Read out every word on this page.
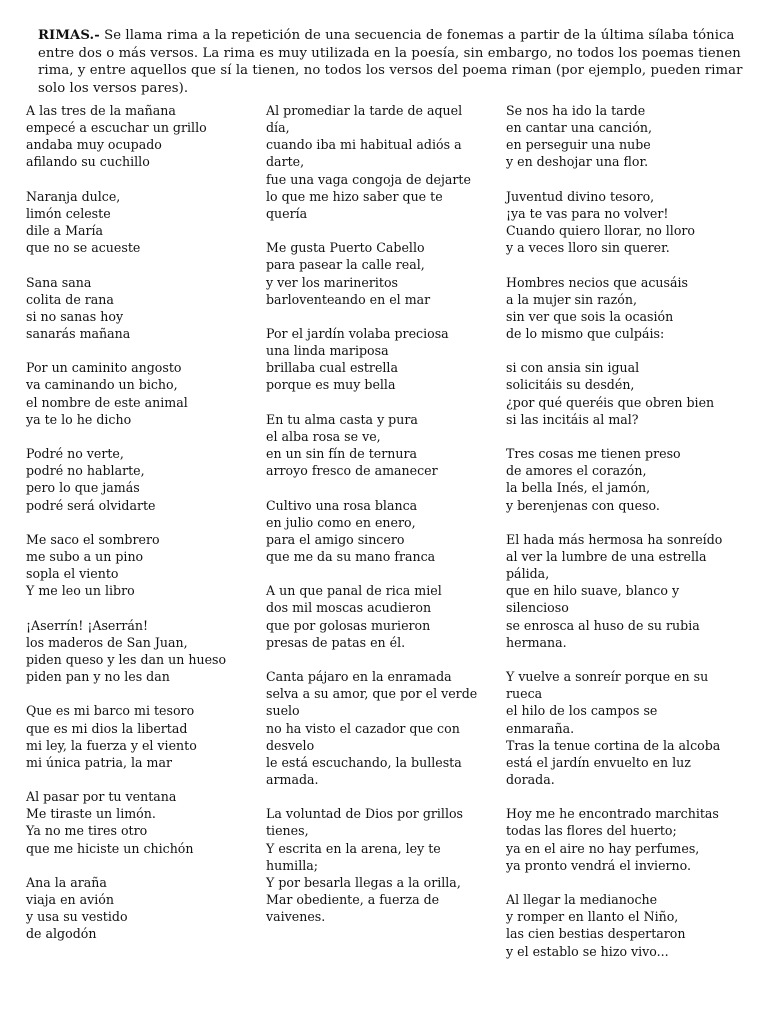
RIMAS.- Se llama rima a la repetición de una secuencia de fonemas a partir de la última sílaba tónica entre dos o más versos. La rima es muy utilizada en la poesía, sin embargo, no todos los poemas tienen rima, y entre aquellos que sí la tienen, no todos los versos del poema riman (por ejemplo, pueden rimar solo los versos pares).

A las tres de la mañana
empecé a escuchar un grillo
andaba muy ocupado
afilando su cuchillo
Naranja dulce,
limón celeste
dile a María
que no se acueste
Sana sana
colita de rana
si no sanas hoy
sanarás mañana
Por un caminito angosto
va caminando un bicho,
el nombre de este animal
ya te lo he dicho
Podré no verte,
podré no hablarte,
pero lo que jamás
podré será olvidarte
Me saco el sombrero
me subo a un pino
sopla el viento
Y me leo un libro
¡Aserrín! ¡Aserrán!
los maderos de San Juan,
piden queso y les dan un hueso
piden pan y no les dan
Que es mi barco mi tesoro
que es mi dios la libertad
mi ley, la fuerza y el viento
mi única patria, la mar
Al pasar por tu ventana
Me tiraste un limón.
Ya no me tires otro
que me hiciste un chichón
Ana la araña
viaja en avión
y usa su vestido
de algodón
Al promediar la tarde de aquel
día,
cuando iba mi habitual adiós a
darte,
fue una vaga congoja de dejarte
lo que me hizo saber que te
quería
Me gusta Puerto Cabello
para pasear la calle real,
y ver los marineritos
barloventeando en el mar
Por el jardín volaba preciosa
una linda mariposa
brillaba cual estrella
porque es muy bella
En tu alma casta y pura
el alba rosa se ve,
en un sin fín de ternura
arroyo fresco de amanecer
Cultivo una rosa blanca
en julio como en enero,
para el amigo sincero
que me da su mano franca
A un que panal de rica miel
dos mil moscas acudieron
que por golosas murieron
presas de patas en él.
Canta pájaro en la enramada
selva a su amor, que por el verde
suelo
no ha visto el cazador que con
desvelo
le está escuchando, la bullesta
armada.
La voluntad de Dios por grillos
tienes,
Y escrita en la arena, ley te
humilla;
Y por besarla llegas a la orilla,
Mar obediente, a fuerza de
vaivenes.
Se nos ha ido la tarde
en cantar una canción,
en perseguir una nube
y en deshojar una flor.
Juventud divino tesoro,
¡ya te vas para no volver!
Cuando quiero llorar, no lloro
y a veces lloro sin querer.
Hombres necios que acusáis
a la mujer sin razón,
sin ver que sois la ocasión
de lo mismo que culpáis:
si con ansia sin igual
solicitáis su desdén,
¿por qué queréis que obren bien
si las incitáis al mal?
Tres cosas me tienen preso
de amores el corazón,
la bella Inés, el jamón,
y berenjenas con queso.
El hada más hermosa ha sonreído
al ver la lumbre de una estrella
pálida,
que en hilo suave, blanco y
silencioso
se enrosca al huso de su rubia
hermana.
Y vuelve a sonreír porque en su
rueca
el hilo de los campos se
enmaraña.
Tras la tenue cortina de la alcoba
está el jardín envuelto en luz
dorada.
Hoy me he encontrado marchitas
todas las flores del huerto;
ya en el aire no hay perfumes,
ya pronto vendrá el invierno.
Al llegar la medianoche
y romper en llanto el Niño,
las cien bestias despertaron
y el establo se hizo vivo...
